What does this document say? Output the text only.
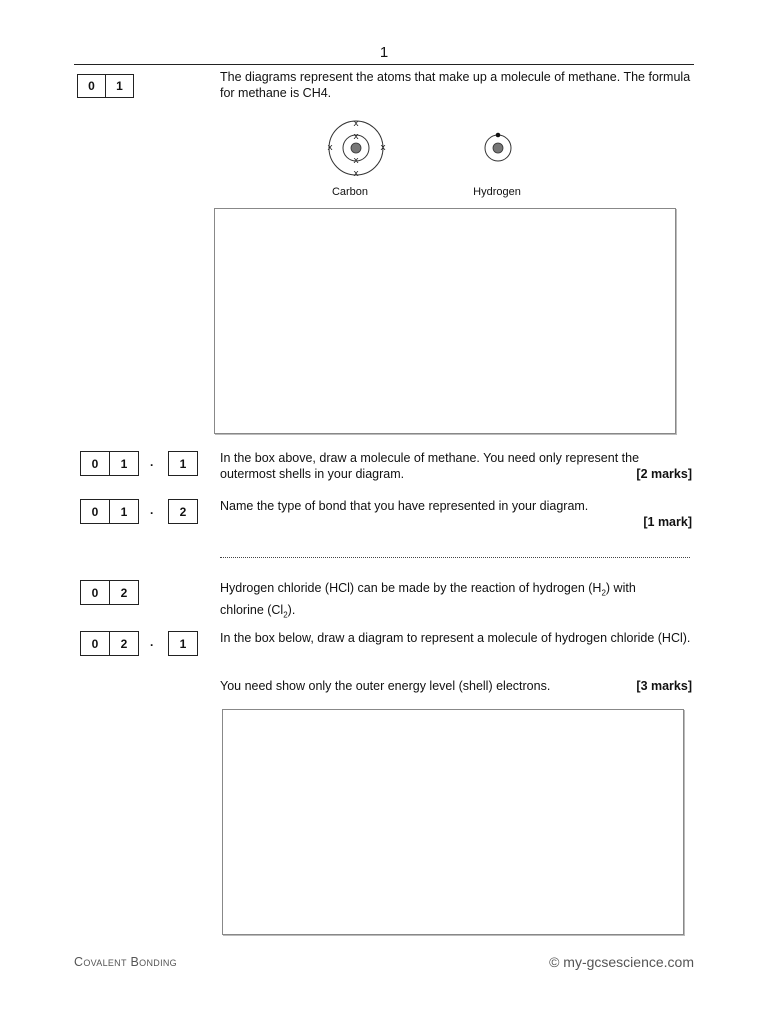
1
0	1
The diagrams represent the atoms that make up a molecule of methane. The formula for methane is CH4.
x
x
x	x
x
x
Carbon	Hydrogen
0	1	.	1	In the box above, draw a molecule of methane. You need only represent the
outermost shells in your diagram.	[2 marks]
0	1	.	2	Name the type of bond that you have represented in your diagram.
[1 mark]
0	2	Hydrogen chloride (HCl) can be made by the reaction of hydrogen $(H_2)$ with
chlorine $(Cl_2)$.
0	2	.	1	In the box below, draw a diagram to represent a molecule of hydrogen chloride (HCl).
You need show only the outer energy level (shell) electrons.	[3 marks]
Covalent Bonding	© my-gcsescience.com
